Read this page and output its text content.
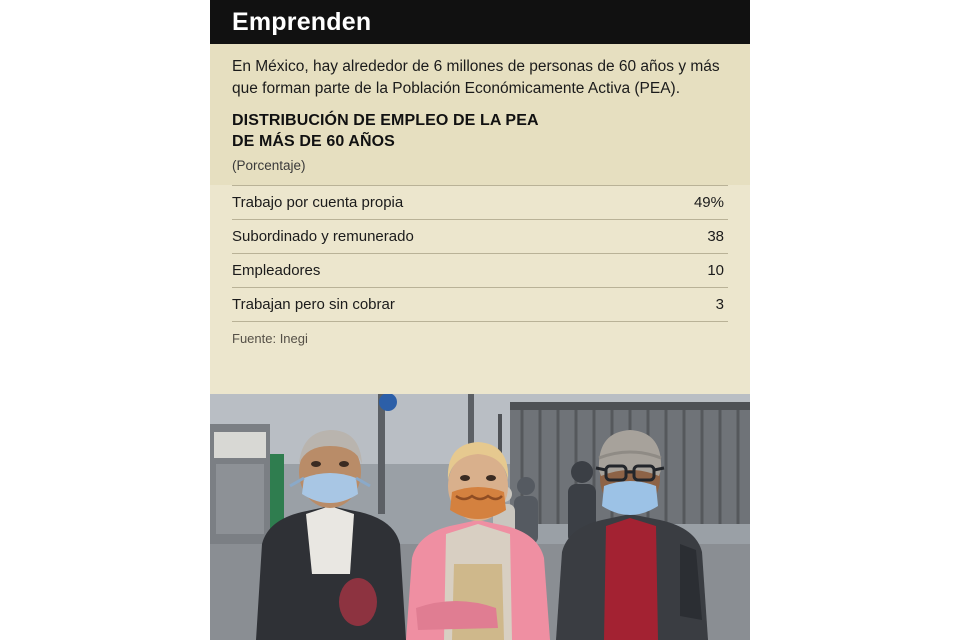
Emprenden
En México, hay alrededor de 6 millones de personas de 60 años y más que forman parte de la Población Económicamente Activa (PEA).
DISTRIBUCIÓN DE EMPLEO DE LA PEA
DE MÁS DE 60 AÑOS
(Porcentaje)
Trabajo por cuenta propia	49%
Subordinado y remunerado	38
Empleadores	10
Trabajan pero sin cobrar	3
Fuente: Inegi
